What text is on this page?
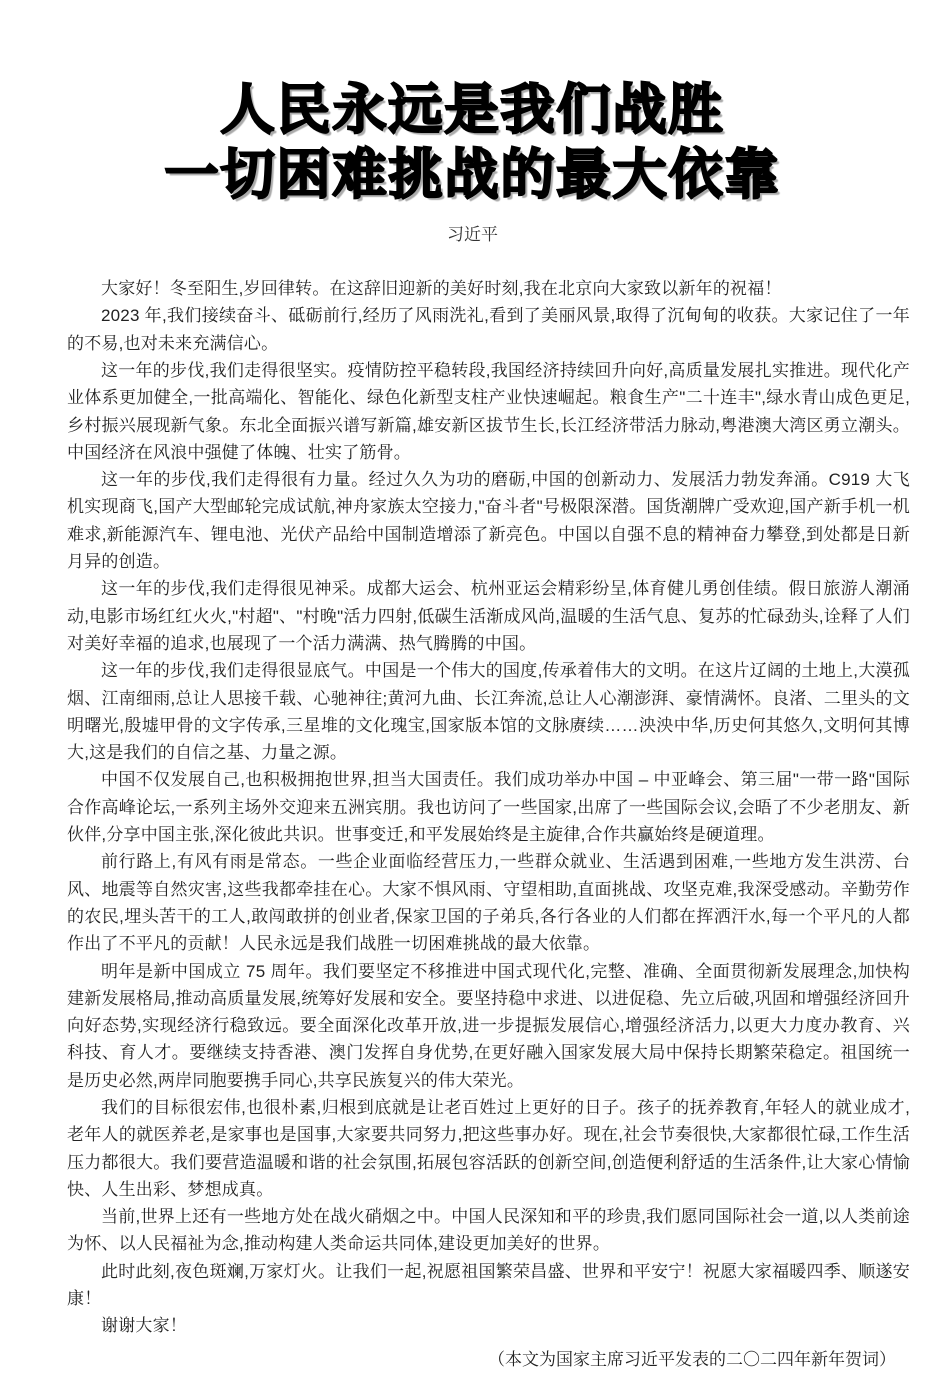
人民永远是我们战胜
一切困难挑战的最大依靠
习近平

大家好！冬至阳生,岁回律转。在这辞旧迎新的美好时刻,我在北京向大家致以新年的祝福！

2023 年,我们接续奋斗、砥砺前行,经历了风雨洗礼,看到了美丽风景,取得了沉甸甸的收获。大家记住了一年的不易,也对未来充满信心。

这一年的步伐,我们走得很坚实。疫情防控平稳转段,我国经济持续回升向好,高质量发展扎实推进。现代化产业体系更加健全,一批高端化、智能化、绿色化新型支柱产业快速崛起。粮食生产"二十连丰",绿水青山成色更足,乡村振兴展现新气象。东北全面振兴谱写新篇,雄安新区拔节生长,长江经济带活力脉动,粤港澳大湾区勇立潮头。中国经济在风浪中强健了体魄、壮实了筋骨。

这一年的步伐,我们走得很有力量。经过久久为功的磨砺,中国的创新动力、发展活力勃发奔涌。C919 大飞机实现商飞,国产大型邮轮完成试航,神舟家族太空接力,"奋斗者"号极限深潜。国货潮牌广受欢迎,国产新手机一机难求,新能源汽车、锂电池、光伏产品给中国制造增添了新亮色。中国以自强不息的精神奋力攀登,到处都是日新月异的创造。

这一年的步伐,我们走得很见神采。成都大运会、杭州亚运会精彩纷呈,体育健儿勇创佳绩。假日旅游人潮涌动,电影市场红红火火,"村超"、"村晚"活力四射,低碳生活渐成风尚,温暖的生活气息、复苏的忙碌劲头,诠释了人们对美好幸福的追求,也展现了一个活力满满、热气腾腾的中国。

这一年的步伐,我们走得很显底气。中国是一个伟大的国度,传承着伟大的文明。在这片辽阔的土地上,大漠孤烟、江南细雨,总让人思接千载、心驰神往;黄河九曲、长江奔流,总让人心潮澎湃、豪情满怀。良渚、二里头的文明曙光,殷墟甲骨的文字传承,三星堆的文化瑰宝,国家版本馆的文脉赓续……泱泱中华,历史何其悠久,文明何其博大,这是我们的自信之基、力量之源。

中国不仅发展自己,也积极拥抱世界,担当大国责任。我们成功举办中国 – 中亚峰会、第三届"一带一路"国际合作高峰论坛,一系列主场外交迎来五洲宾朋。我也访问了一些国家,出席了一些国际会议,会晤了不少老朋友、新伙伴,分享中国主张,深化彼此共识。世事变迁,和平发展始终是主旋律,合作共赢始终是硬道理。

前行路上,有风有雨是常态。一些企业面临经营压力,一些群众就业、生活遇到困难,一些地方发生洪涝、台风、地震等自然灾害,这些我都牵挂在心。大家不惧风雨、守望相助,直面挑战、攻坚克难,我深受感动。辛勤劳作的农民,埋头苦干的工人,敢闯敢拼的创业者,保家卫国的子弟兵,各行各业的人们都在挥洒汗水,每一个平凡的人都作出了不平凡的贡献！人民永远是我们战胜一切困难挑战的最大依靠。

明年是新中国成立 75 周年。我们要坚定不移推进中国式现代化,完整、准确、全面贯彻新发展理念,加快构建新发展格局,推动高质量发展,统筹好发展和安全。要坚持稳中求进、以进促稳、先立后破,巩固和增强经济回升向好态势,实现经济行稳致远。要全面深化改革开放,进一步提振发展信心,增强经济活力,以更大力度办教育、兴科技、育人才。要继续支持香港、澳门发挥自身优势,在更好融入国家发展大局中保持长期繁荣稳定。祖国统一是历史必然,两岸同胞要携手同心,共享民族复兴的伟大荣光。

我们的目标很宏伟,也很朴素,归根到底就是让老百姓过上更好的日子。孩子的抚养教育,年轻人的就业成才,老年人的就医养老,是家事也是国事,大家要共同努力,把这些事办好。现在,社会节奏很快,大家都很忙碌,工作生活压力都很大。我们要营造温暖和谐的社会氛围,拓展包容活跃的创新空间,创造便利舒适的生活条件,让大家心情愉快、人生出彩、梦想成真。

当前,世界上还有一些地方处在战火硝烟之中。中国人民深知和平的珍贵,我们愿同国际社会一道,以人类前途为怀、以人民福祉为念,推动构建人类命运共同体,建设更加美好的世界。

此时此刻,夜色斑斓,万家灯火。让我们一起,祝愿祖国繁荣昌盛、世界和平安宁！祝愿大家福暖四季、顺遂安康！

谢谢大家！

（本文为国家主席习近平发表的二〇二四年新年贺词）
